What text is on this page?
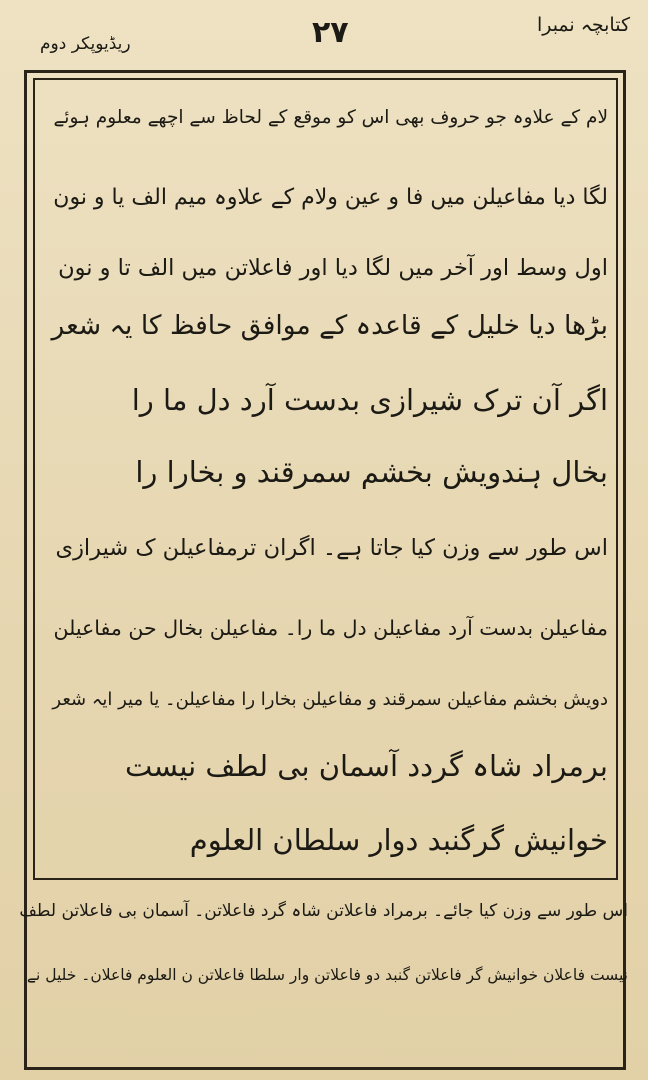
کتابچہ نمبرا
۲۷
ریڈیوپکر دوم
لام کے علاوہ جو حروف بھی اس کو موقع کے لحاظ سے اچھے معلوم ہوئے
لگا دیا مفاعیلن میں فا و عین ولام کے علاوہ میم الف یا و نون
اول وسط اور آخر میں لگا دیا اور فاعلاتن میں الف تا و نون
بڑھا دیا خلیل کے قاعدہ کے موافق حافظ کا یہ شعر
اگر آن ترک شیرازی بدست آرد دل ما را
بخال ہندویش بخشم سمرقند و بخارا را
اس طور سے وزن کیا جاتا ہے۔ اگران ترمفاعیلن ک شیرازی
مفاعیلن بدست آرد مفاعیلن دل ما را۔ مفاعیلن بخال حن مفاعیلن
دویش بخشم مفاعیلن سمرقند و مفاعیلن بخارا را مفاعیلن۔ یا میر ایہ شعر
برمراد شاہ گردد آسمان بی لطف نیست
خوانیش گرگنبد دوار سلطان العلوم
اس طور سے وزن کیا جائے۔ برمراد فاعلاتن شاہ گرد فاعلاتن۔ آسمان بی فاعلاتن لطف
نیست فاعلان خوانیش گر فاعلاتن گنبد دو فاعلاتن وار سلطا فاعلاتن ن العلوم فاعلان۔ خلیل نے
